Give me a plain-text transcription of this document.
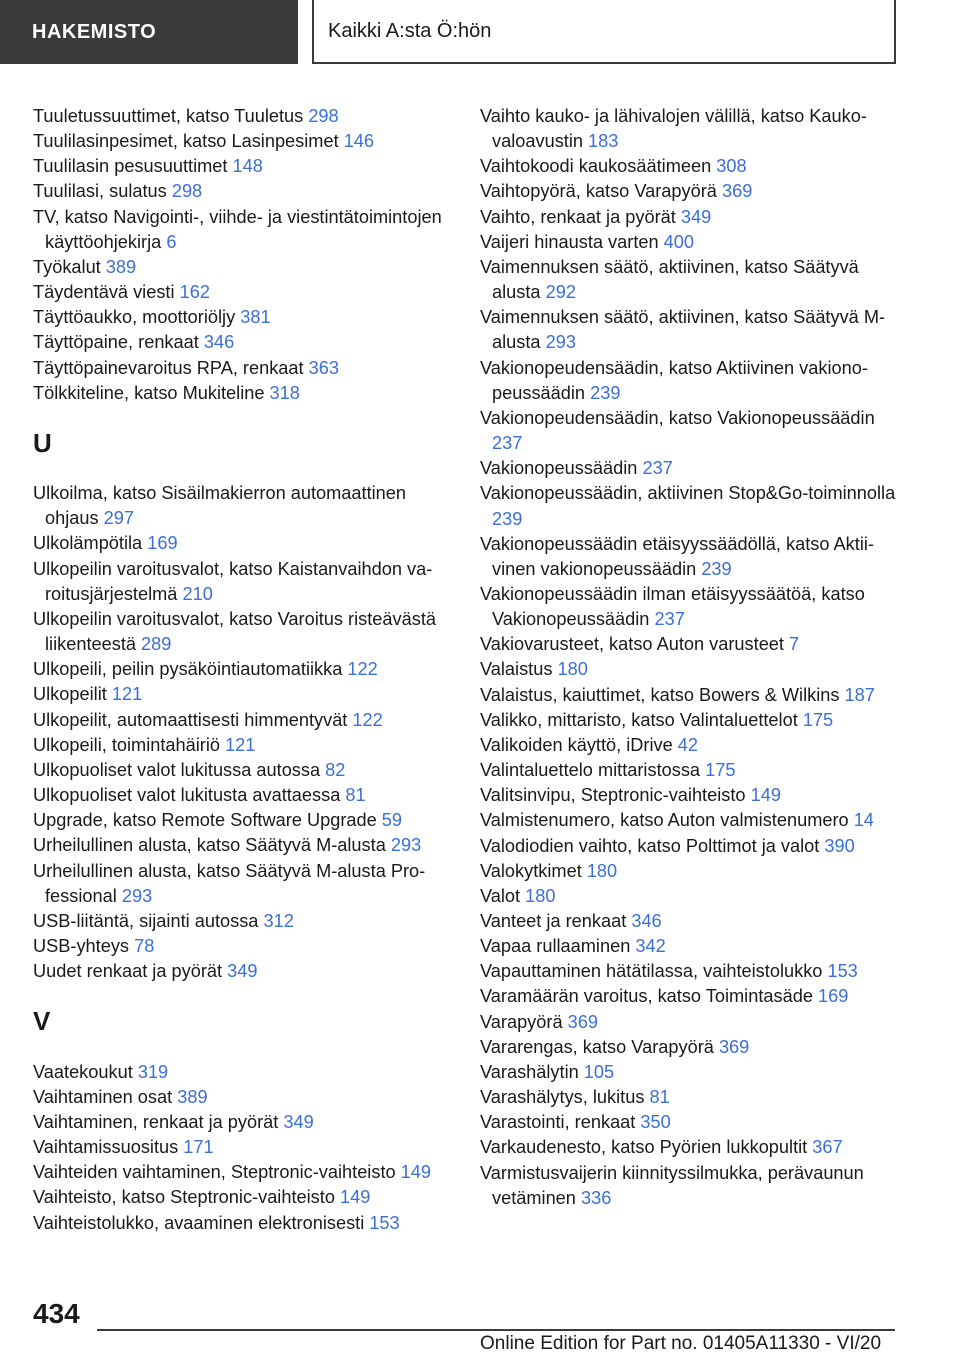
HAKEMISTO	Kaikki A:sta Ö:hön
Tuuletussuuttimet, katso Tuuletus 298
Tuulilasinpesimet, katso Lasinpesimet 146
Tuulilasin pesusuuttimet 148
Tuulilasi, sulatus 298
TV, katso Navigointi-, viihde- ja viestintätoimintojen käyttöohjekirja 6
Työkalut 389
Täydentävä viesti 162
Täyttöaukko, moottoriöljy 381
Täyttöpaine, renkaat 346
Täyttöpainevaroitus RPA, renkaat 363
Tölkkiteline, katso Mukiteline 318
U
Ulkoilma, katso Sisäilmakierron automaattinen ohjaus 297
Ulkolämpötila 169
Ulkopeilin varoitusvalot, katso Kaistanvaihdon varoitusjärjestelmä 210
Ulkopeilin varoitusvalot, katso Varoitus risteävästä liikenteestä 289
Ulkopeili, peilin pysäköintiautomatiikka 122
Ulkopeilit 121
Ulkopeilit, automaattisesti himmentyvät 122
Ulkopeili, toimintahäiriö 121
Ulkopuoliset valot lukitussa autossa 82
Ulkopuoliset valot lukitusta avattaessa 81
Upgrade, katso Remote Software Upgrade 59
Urheilullinen alusta, katso Säätyvä M-alusta 293
Urheilullinen alusta, katso Säätyvä M-alusta Professional 293
USB-liitäntä, sijainti autossa 312
USB-yhteys 78
Uudet renkaat ja pyörät 349
V
Vaatekoukut 319
Vaihtaminen osat 389
Vaihtaminen, renkaat ja pyörät 349
Vaihtamissuositus 171
Vaihteiden vaihtaminen, Steptronic-vaihteisto 149
Vaihteisto, katso Steptronic-vaihteisto 149
Vaihteistolukko, avaaminen elektronisesti 153
Vaihto kauko- ja lähivalojen välillä, katso Kaukovaloavustin 183
Vaihtokoodi kaukosäätimeen 308
Vaihtopyörä, katso Varapyörä 369
Vaihto, renkaat ja pyörät 349
Vaijeri hinausta varten 400
Vaimennuksen säätö, aktiivinen, katso Säätyvä alusta 292
Vaimennuksen säätö, aktiivinen, katso Säätyvä M-alusta 293
Vakionopeudensäädin, katso Aktiivinen vakionopeussäädin 239
Vakionopeudensäädin, katso Vakionopeussäädin 237
Vakionopeussäädin 237
Vakionopeussäädin, aktiivinen Stop&Go-toiminnolla 239
Vakionopeussäädin etäisyyssäädöllä, katso Aktiivinen vakionopeussäädin 239
Vakionopeussäädin ilman etäisyyssäätöä, katso Vakionopeussäädin 237
Vakiovarusteet, katso Auton varusteet 7
Valaistus 180
Valaistus, kaiuttimet, katso Bowers & Wilkins 187
Valikko, mittaristo, katso Valintaluettelot 175
Valikoiden käyttö, iDrive 42
Valintaluettelo mittaristossa 175
Valitsinvipu, Steptronic-vaihteisto 149
Valmistenumero, katso Auton valmistenumero 14
Valodiodien vaihto, katso Polttimot ja valot 390
Valokytkimet 180
Valot 180
Vanteet ja renkaat 346
Vapaa rullaaminen 342
Vapauttaminen hätätilassa, vaihteistolukko 153
Varamäärän varoitus, katso Toimintasäde 169
Varapyörä 369
Vararengas, katso Varapyörä 369
Varashälytin 105
Varashälytys, lukitus 81
Varastointi, renkaat 350
Varkaudenesto, katso Pyörien lukkopultit 367
Varmistusvaijerin kiinnityssilmukka, perävaunun vetäminen 336
434
Online Edition for Part no. 01405A11330 - VI/20
